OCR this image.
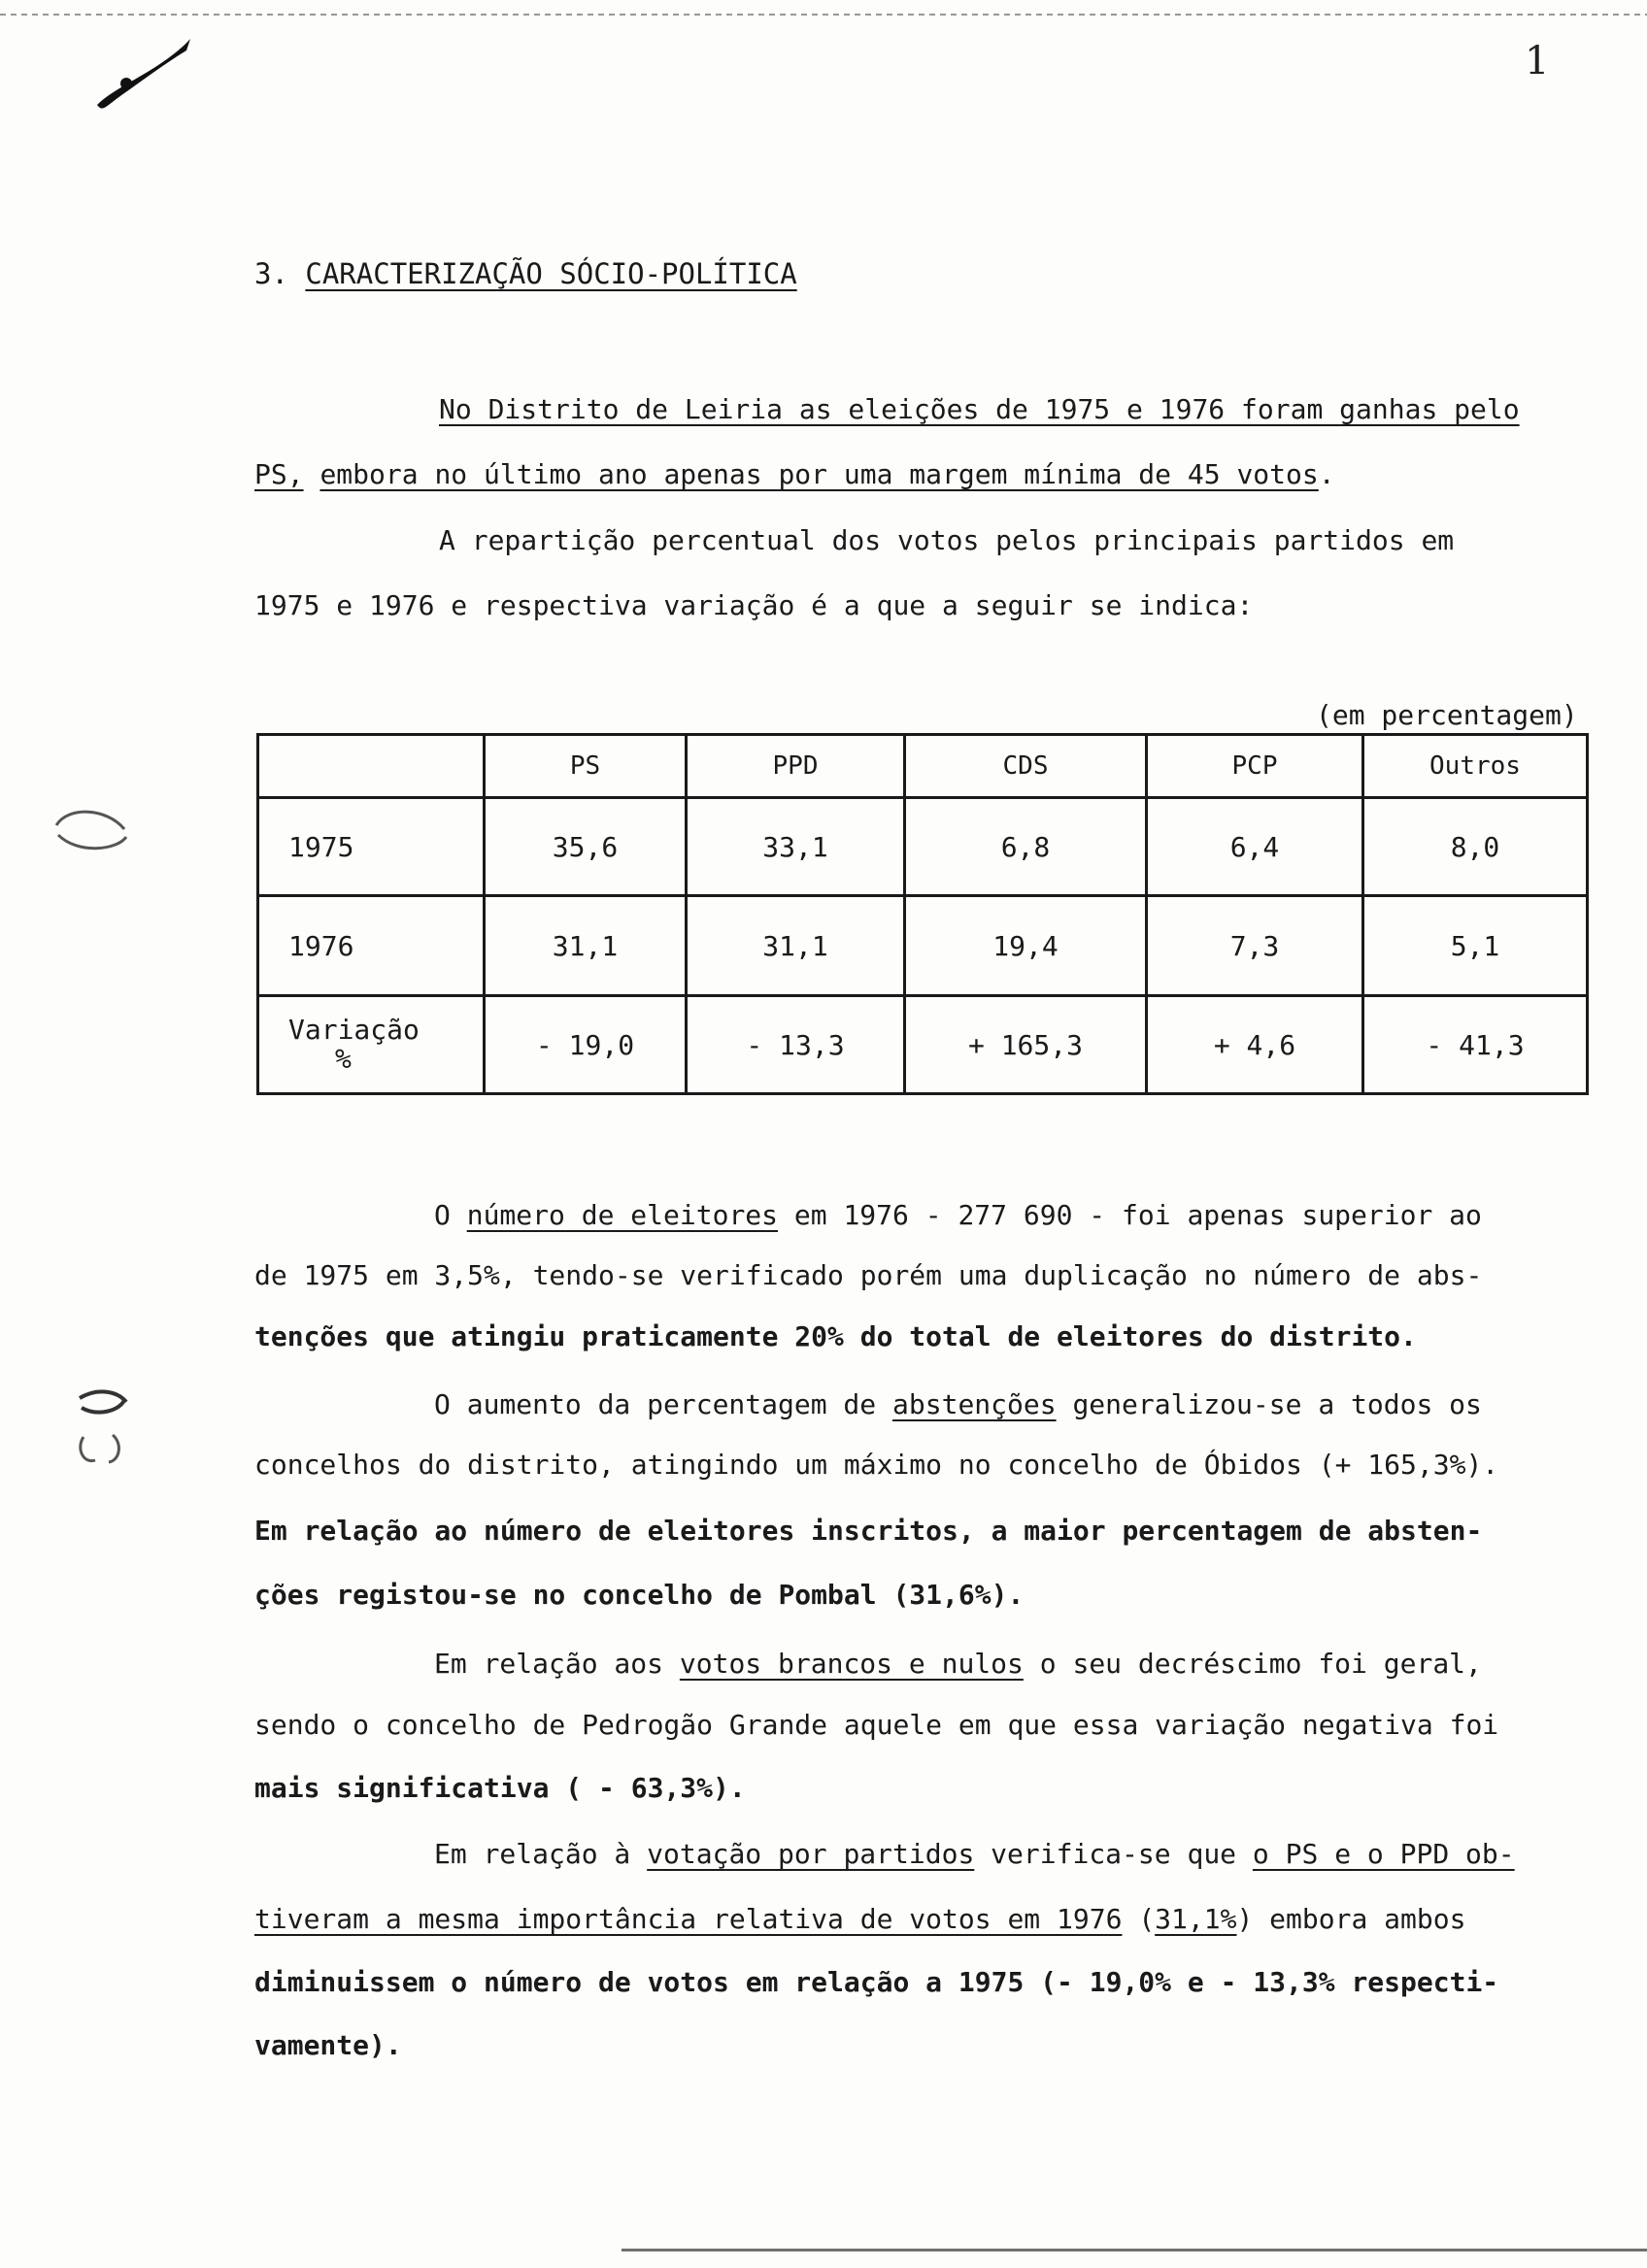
1
3. CARACTERIZAÇÃO SÓCIO-POLÍTICA
No Distrito de Leiria as eleições de 1975 e 1976 foram ganhas pelo
PS, embora no último ano apenas por uma margem mínima de 45 votos.
A repartição percentual dos votos pelos principais partidos em
1975 e 1976 e respectiva variação é a que a seguir se indica:
(em percentagem)
	PS	PPD	CDS	PCP	Outros
1975	35,6	33,1	6,8	6,4	8,0
1976	31,1	31,1	19,4	7,3	5,1

Variação
%	- 19,0	- 13,3	+ 165,3	+ 4,6	- 41,3
O número de eleitores em 1976 - 277 690 - foi apenas superior ao
de 1975 em 3,5%, tendo-se verificado porém uma duplicação no número de abs-
tenções que atingiu praticamente 20% do total de eleitores do distrito.
O aumento da percentagem de abstenções generalizou-se a todos os
concelhos do distrito, atingindo um máximo no concelho de Óbidos (+ 165,3%).
Em relação ao número de eleitores inscritos, a maior percentagem de absten-
ções registou-se no concelho de Pombal (31,6%).
Em relação aos votos brancos e nulos o seu decréscimo foi geral,
sendo o concelho de Pedrogão Grande aquele em que essa variação negativa foi
mais significativa ( - 63,3%).
Em relação à votação por partidos verifica-se que o PS e o PPD ob-
tiveram a mesma importância relativa de votos em 1976 (31,1%) embora ambos
diminuissem o número de votos em relação a 1975 (- 19,0% e - 13,3% respecti-
vamente).
